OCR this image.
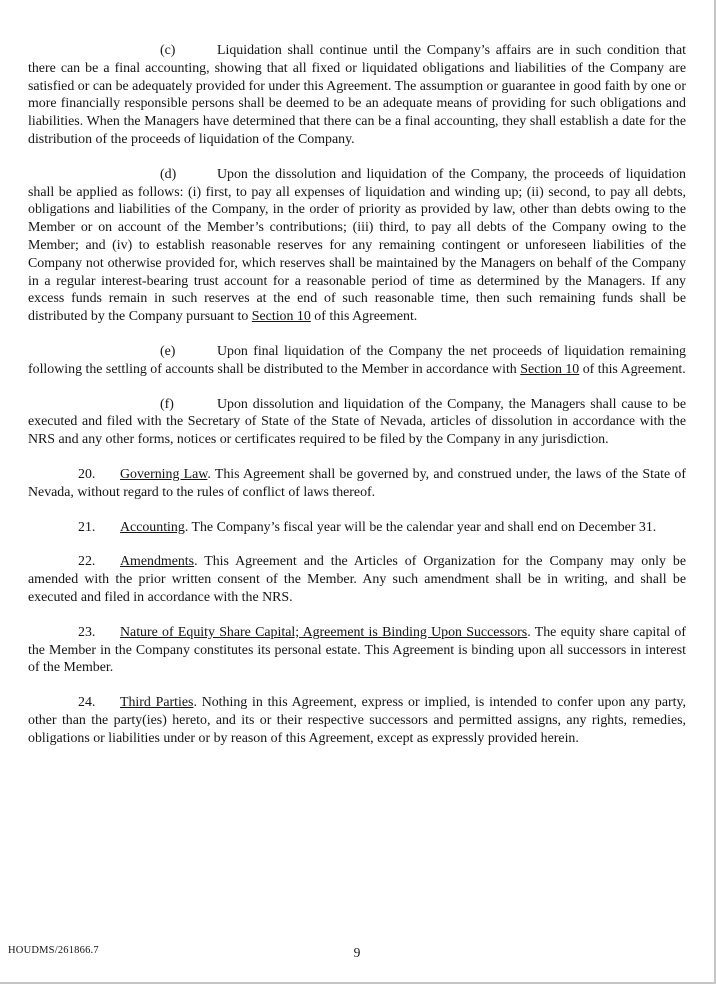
(c)	Liquidation shall continue until the Company’s affairs are in such condition that there can be a final accounting, showing that all fixed or liquidated obligations and liabilities of the Company are satisfied or can be adequately provided for under this Agreement. The assumption or guarantee in good faith by one or more financially responsible persons shall be deemed to be an adequate means of providing for such obligations and liabilities. When the Managers have determined that there can be a final accounting, they shall establish a date for the distribution of the proceeds of liquidation of the Company.

(d)	Upon the dissolution and liquidation of the Company, the proceeds of liquidation shall be applied as follows: (i) first, to pay all expenses of liquidation and winding up; (ii) second, to pay all debts, obligations and liabilities of the Company, in the order of priority as provided by law, other than debts owing to the Member or on account of the Member’s contributions; (iii) third, to pay all debts of the Company owing to the Member; and (iv) to establish reasonable reserves for any remaining contingent or unforeseen liabilities of the Company not otherwise provided for, which reserves shall be maintained by the Managers on behalf of the Company in a regular interest-bearing trust account for a reasonable period of time as determined by the Managers. If any excess funds remain in such reserves at the end of such reasonable time, then such remaining funds shall be distributed by the Company pursuant to Section 10 of this Agreement.

(e)	Upon final liquidation of the Company the net proceeds of liquidation remaining following the settling of accounts shall be distributed to the Member in accordance with Section 10 of this Agreement.

(f)	Upon dissolution and liquidation of the Company, the Managers shall cause to be executed and filed with the Secretary of State of the State of Nevada, articles of dissolution in accordance with the NRS and any other forms, notices or certificates required to be filed by the Company in any jurisdiction.

20. Governing Law. This Agreement shall be governed by, and construed under, the laws of the State of Nevada, without regard to the rules of conflict of laws thereof.

21. Accounting. The Company’s fiscal year will be the calendar year and shall end on December 31.

22. Amendments. This Agreement and the Articles of Organization for the Company may only be amended with the prior written consent of the Member. Any such amendment shall be in writing, and shall be executed and filed in accordance with the NRS.

23. Nature of Equity Share Capital; Agreement is Binding Upon Successors. The equity share capital of the Member in the Company constitutes its personal estate. This Agreement is binding upon all successors in interest of the Member.

24. Third Parties. Nothing in this Agreement, express or implied, is intended to confer upon any party, other than the party(ies) hereto, and its or their respective successors and permitted assigns, any rights, remedies, obligations or liabilities under or by reason of this Agreement, except as expressly provided herein.

HOUDMS/261866.7	9
